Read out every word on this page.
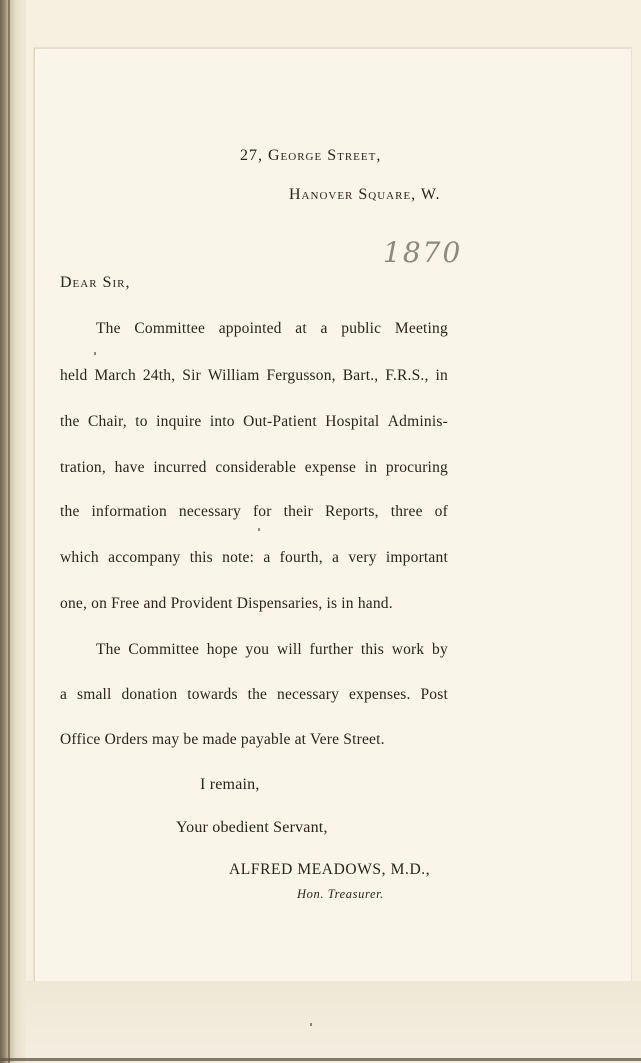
27, George Street,
Hanover Square, W.
1870
Dear Sir,
The Committee appointed at a public Meeting
held March 24th, Sir William Fergusson, Bart., F.R.S., in
the Chair, to inquire into Out-Patient Hospital Adminis-
tration, have incurred considerable expense in procuring
the information necessary for their Reports, three of
which accompany this note: a fourth, a very important
one, on Free and Provident Dispensaries, is in hand.
The Committee hope you will further this work by
a small donation towards the necessary expenses. Post
Office Orders may be made payable at Vere Street.
I remain,
Your obedient Servant,
ALFRED MEADOWS, M.D.,
Hon. Treasurer.
